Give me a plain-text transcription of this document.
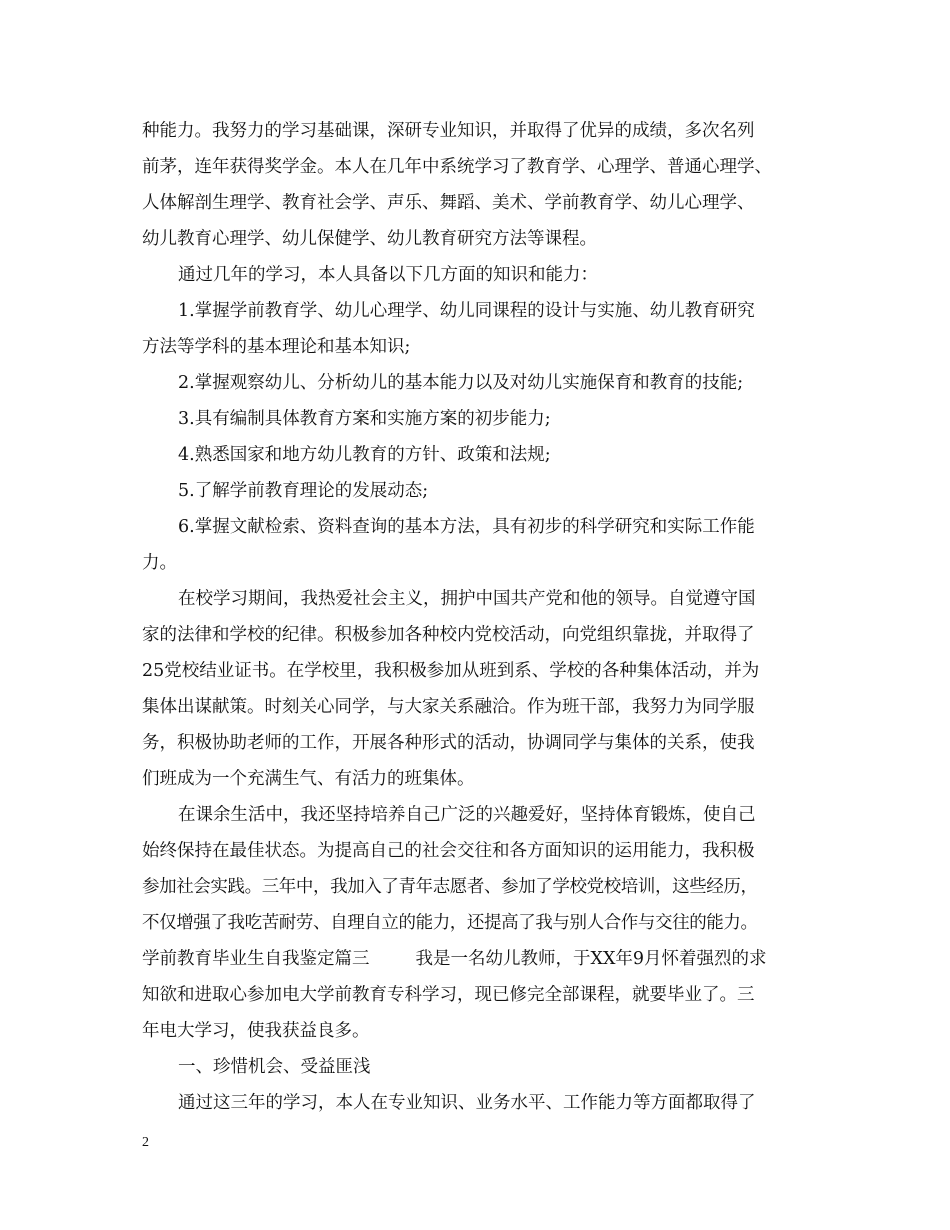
种能力。我努力的学习基础课，深研专业知识，并取得了优异的成绩，多次名列
前茅，连年获得奖学金。本人在几年中系统学习了教育学、心理学、普通心理学、
人体解剖生理学、教育社会学、声乐、舞蹈、美术、学前教育学、幼儿心理学、
幼儿教育心理学、幼儿保健学、幼儿教育研究方法等课程。
通过几年的学习，本人具备以下几方面的知识和能力：
1.掌握学前教育学、幼儿心理学、幼儿同课程的设计与实施、幼儿教育研究
方法等学科的基本理论和基本知识;
2.掌握观察幼儿、分析幼儿的基本能力以及对幼儿实施保育和教育的技能;
3.具有编制具体教育方案和实施方案的初步能力;
4.熟悉国家和地方幼儿教育的方针、政策和法规;
5.了解学前教育理论的发展动态;
6.掌握文献检索、资料查询的基本方法，具有初步的科学研究和实际工作能
力。
在校学习期间，我热爱社会主义，拥护中国共产党和他的领导。自觉遵守国
家的法律和学校的纪律。积极参加各种校内党校活动，向党组织靠拢，并取得了
25党校结业证书。在学校里，我积极参加从班到系、学校的各种集体活动，并为
集体出谋献策。时刻关心同学，与大家关系融洽。作为班干部，我努力为同学服
务，积极协助老师的工作，开展各种形式的活动，协调同学与集体的关系，使我
们班成为一个充满生气、有活力的班集体。
在课余生活中，我还坚持培养自己广泛的兴趣爱好，坚持体育锻炼，使自己
始终保持在最佳状态。为提高自己的社会交往和各方面知识的运用能力，我积极
参加社会实践。三年中，我加入了青年志愿者、参加了学校党校培训，这些经历，
不仅增强了我吃苦耐劳、自理自立的能力，还提高了我与别人合作与交往的能力。
学前教育毕业生自我鉴定篇三	我是一名幼儿教师，于XX年9月怀着强烈的求
知欲和进取心参加电大学前教育专科学习，现已修完全部课程，就要毕业了。三
年电大学习，使我获益良多。
一、珍惜机会、受益匪浅
通过这三年的学习，本人在专业知识、业务水平、工作能力等方面都取得了
2
